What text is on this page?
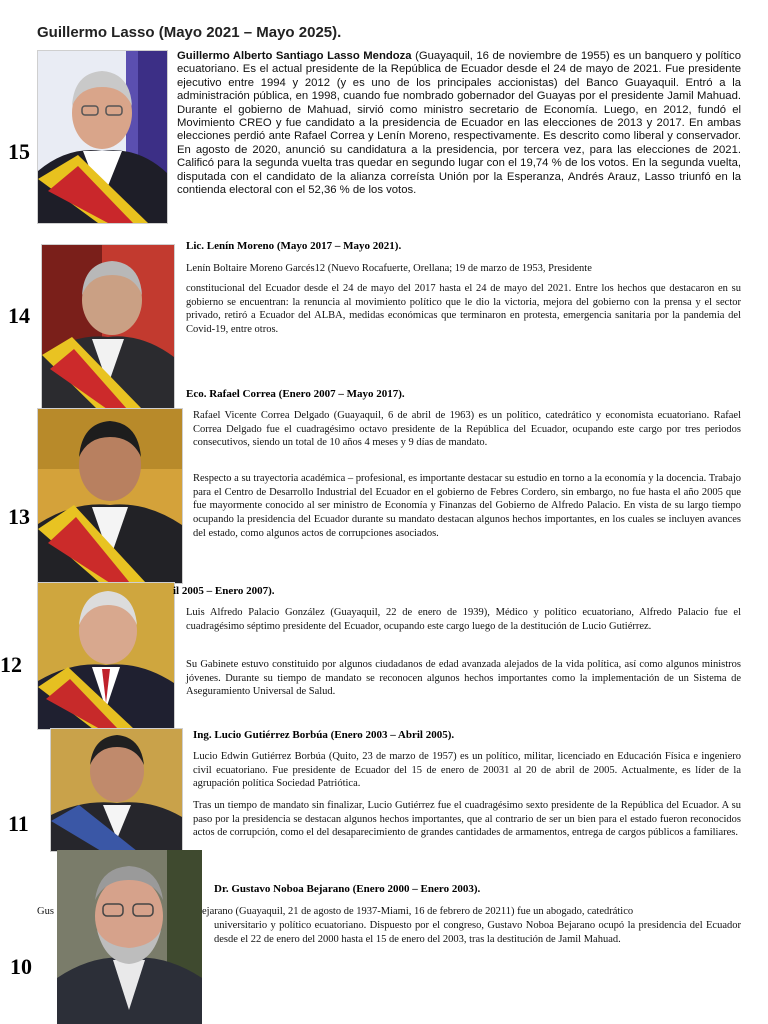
Guillermo Lasso (Mayo 2021 – Mayo 2025).
15
Guillermo Alberto Santiago Lasso Mendoza (Guayaquil, 16 de noviembre de 1955) es un banquero y político ecuatoriano. Es el actual presidente de la República de Ecuador desde el 24 de mayo de 2021. Fue presidente ejecutivo entre 1994 y 2012 (y es uno de los principales accionistas) del Banco Guayaquil. Entró a la administración pública, en 1998, cuando fue nombrado gobernador del Guayas por el presidente Jamil Mahuad. Durante el gobierno de Mahuad, sirvió como ministro secretario de Economía. Luego, en 2012, fundó el Movimiento CREO y fue candidato a la presidencia de Ecuador en las elecciones de 2013 y 2017. En ambas elecciones perdió ante Rafael Correa y Lenín Moreno, respectivamente. Es descrito como liberal y conservador. En agosto de 2020, anunció su candidatura a la presidencia, por tercera vez, para las elecciones de 2021. Calificó para la segunda vuelta tras quedar en segundo lugar con el 19,74 % de los votos. En la segunda vuelta, disputada con el candidato de la alianza correísta Unión por la Esperanza, Andrés Arauz, Lasso triunfó en la contienda electoral con el 52,36 % de los votos.
14
Lic. Lenín Moreno (Mayo 2017 – Mayo 2021).
Lenín Boltaire Moreno Garcés12 (Nuevo Rocafuerte, Orellana; 19 de marzo de 1953, Presidente
constitucional del Ecuador desde el 24 de mayo del 2017 hasta el 24 de mayo del 2021. Entre los hechos que destacaron en su gobierno se encuentran: la renuncia al movimiento político que le dio la victoria, mejora del gobierno con la prensa y el sector privado, retiró a Ecuador del ALBA, medidas económicas que terminaron en protesta, emergencia sanitaria por la pandemia del Covid-19, entre otros.
13
Eco. Rafael Correa (Enero 2007 – Mayo 2017).
Rafael Vicente Correa Delgado (Guayaquil, 6 de abril de 1963) es un político, catedrático y economista ecuatoriano. Rafael Correa Delgado fue el cuadragésimo octavo presidente de la República del Ecuador, ocupando este cargo por tres periodos consecutivos, siendo un total de 10 años 4 meses y 9 días de mandato.
Respecto a su trayectoria académica – profesional, es importante destacar su estudio en torno a la economía y la docencia. Trabajo para el Centro de Desarrollo Industrial del Ecuador en el gobierno de Febres Cordero, sin embargo, no fue hasta el año 2005 que fue mayormente conocido al ser ministro de Economía y Finanzas del Gobierno de Alfredo Palacio. En vista de su largo tiempo ocupando la presidencia del Ecuador durante su mandato destacan algunos hechos importantes, en los cuales se incluyen avances del estado, como algunos actos de corrupciones asociados.
12
il 2005 – Enero 2007).
Luis Alfredo Palacio González (Guayaquil, 22 de enero de 1939), Médico y político ecuatoriano, Alfredo Palacio fue el cuadragésimo séptimo presidente del Ecuador, ocupando este cargo luego de la destitución de Lucio Gutiérrez.
Su Gabinete estuvo constituido por algunos ciudadanos de edad avanzada alejados de la vida política, así como algunos ministros jóvenes. Durante su tiempo de mandato se reconocen algunos hechos importantes como la implementación de un Sistema de Aseguramiento Universal de Salud.
11
Ing. Lucio Gutiérrez Borbúa (Enero 2003 – Abril 2005).
Lucio Edwin Gutiérrez Borbúa (Quito, 23 de marzo de 1957) es un político, militar, licenciado en Educación Física e ingeniero civil ecuatoriano. Fue presidente de Ecuador del 15 de enero de 20031 al 20 de abril de 2005. Actualmente, es líder de la agrupación política Sociedad Patriótica.
Tras un tiempo de mandato sin finalizar, Lucio Gutiérrez fue el cuadragésimo sexto presidente de la República del Ecuador. A su paso por la presidencia se destacan algunos hechos importantes, que al contrario de ser un bien para el estado fueron reconocidos actos de corrupción, como el del desaparecimiento de grandes cantidades de armamentos, entrega de cargos públicos a familiares.
10
Dr. Gustavo Noboa Bejarano (Enero 2000 – Enero 2003).
Gus	ejarano (Guayaquil, 21 de agosto de 1937-Miami, 16 de febrero de 20211) fue un abogado, catedrático
universitario y político ecuatoriano. Dispuesto por el congreso, Gustavo Noboa Bejarano ocupó la presidencia del Ecuador desde el 22 de enero del 2000 hasta el 15 de enero del 2003, tras la destitución de Jamil Mahuad.
